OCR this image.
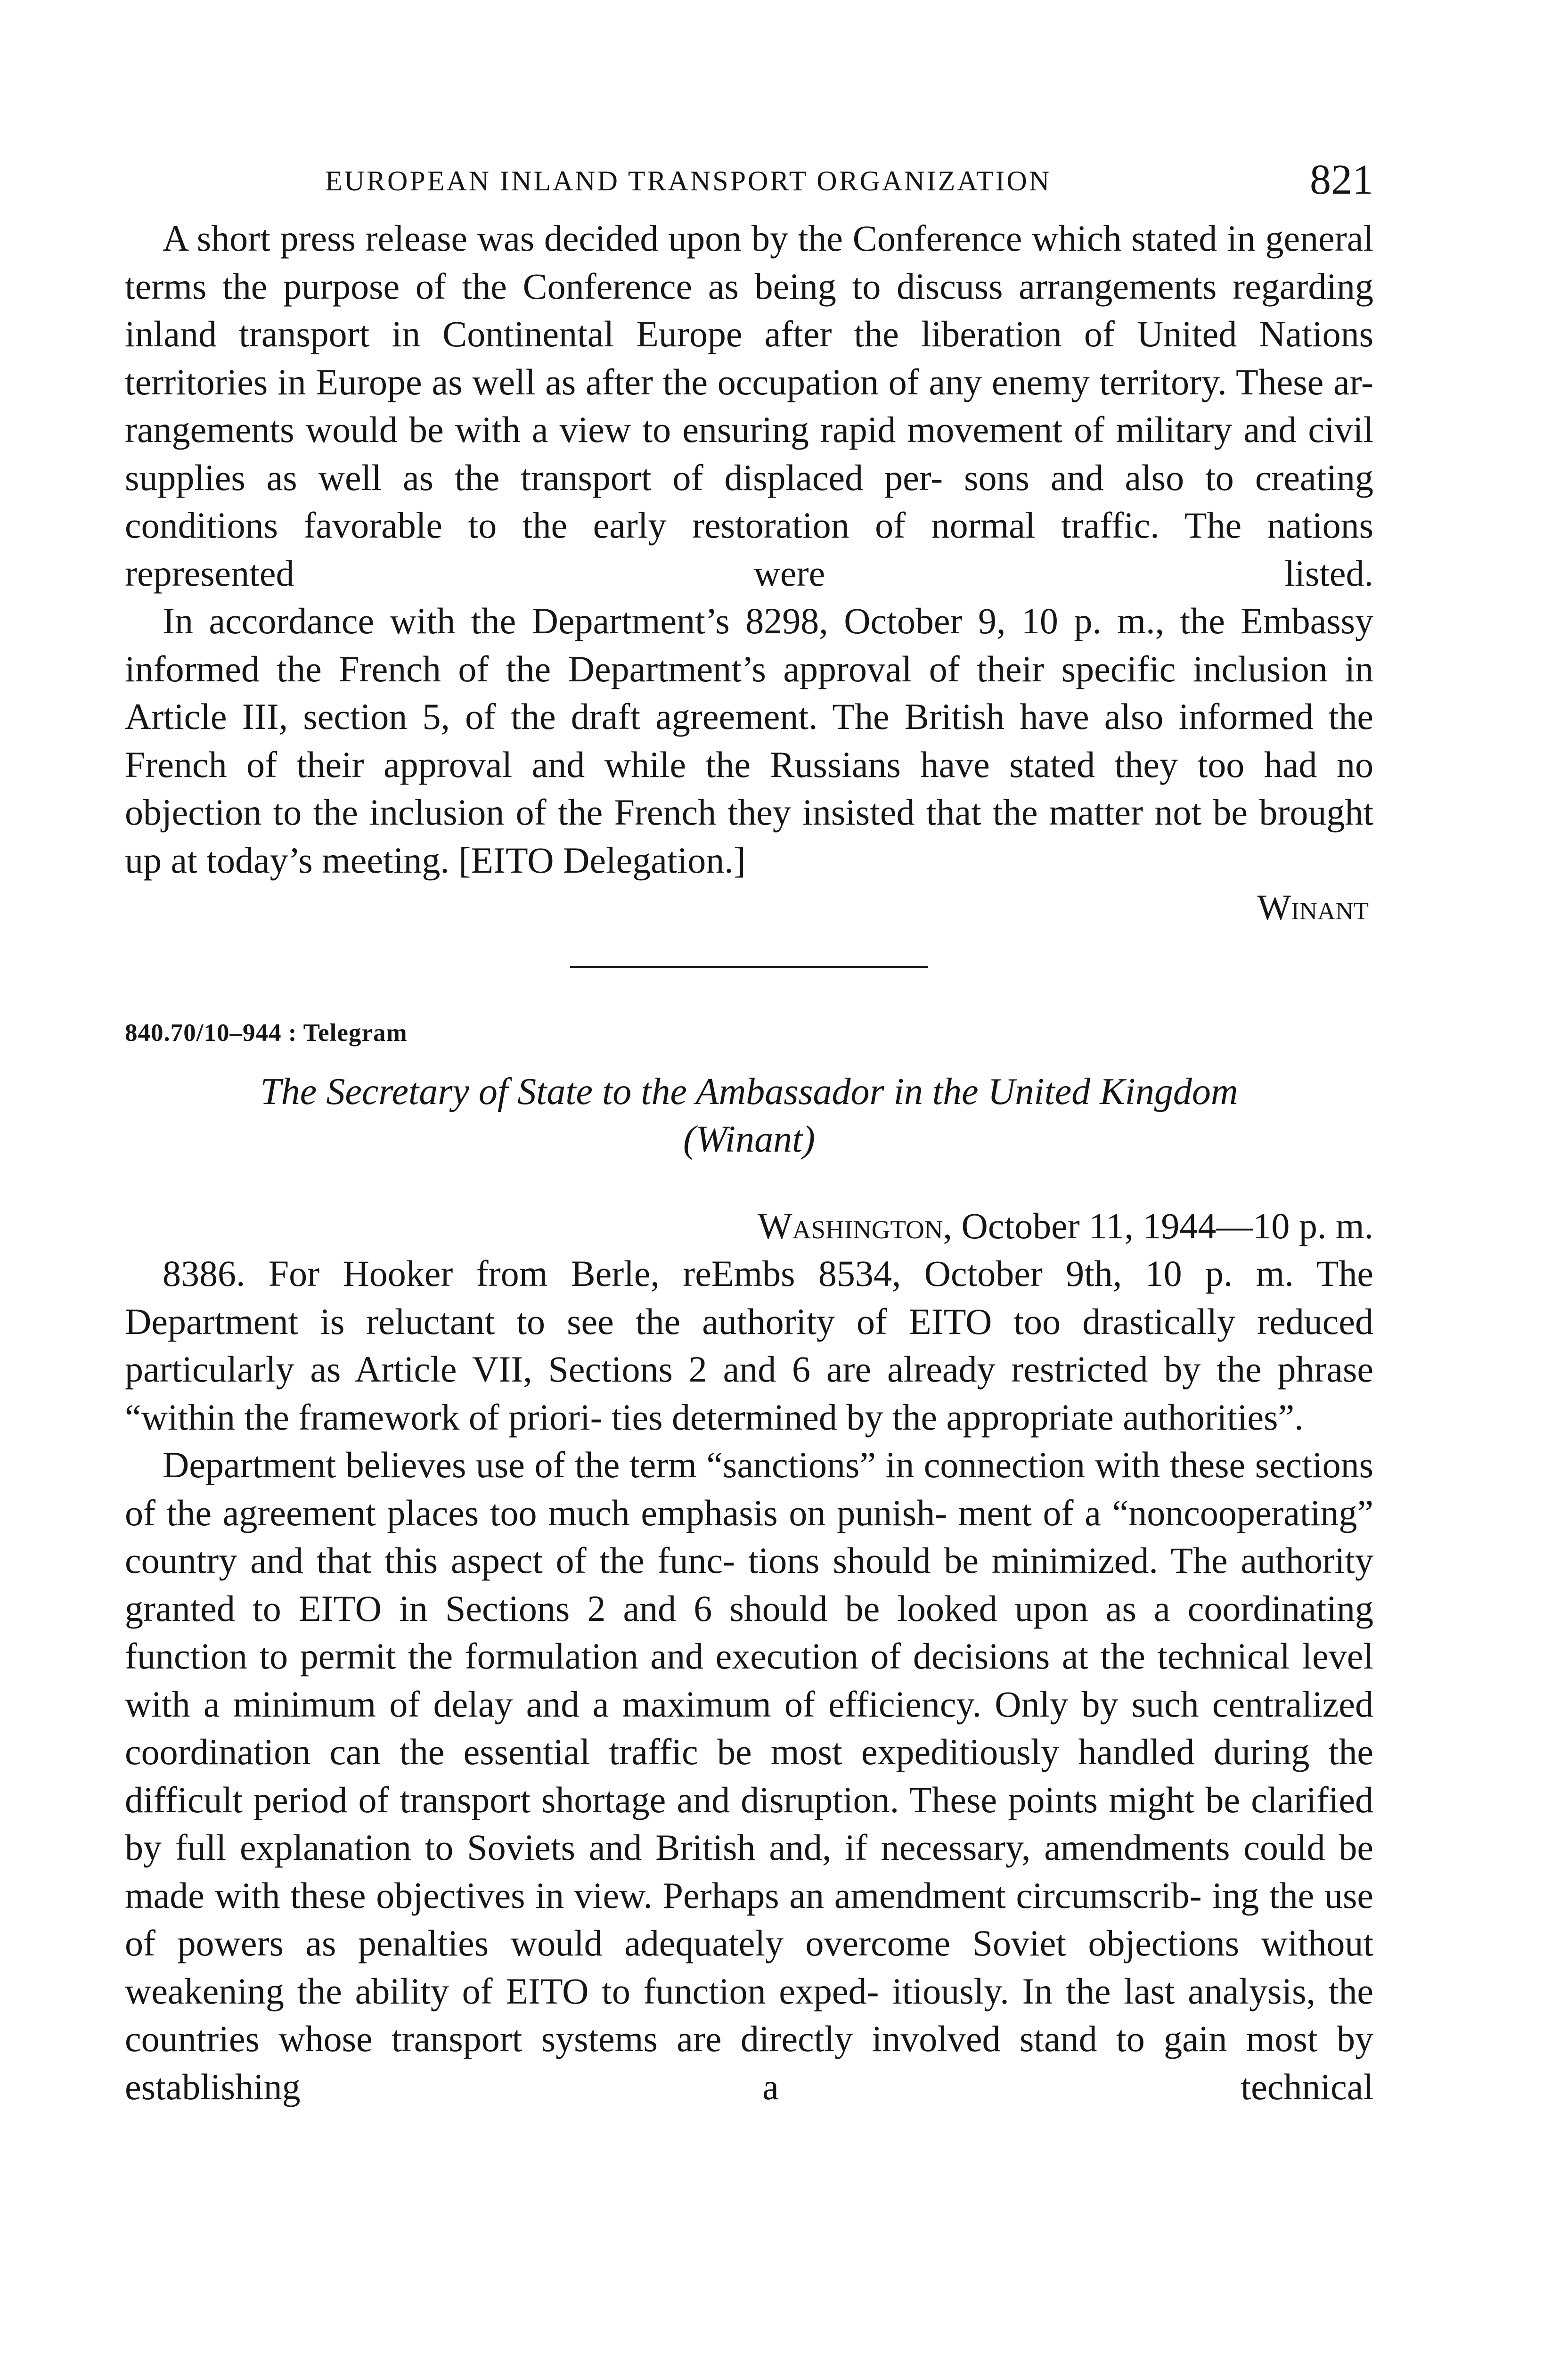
EUROPEAN INLAND TRANSPORT ORGANIZATION	821

A short press release was decided upon by the Conference which stated in general terms the purpose of the Conference as being to discuss arrangements regarding inland transport in Continental Europe after the liberation of United Nations territories in Europe as well as after the occupation of any enemy territory. These ar- rangements would be with a view to ensuring rapid movement of military and civil supplies as well as the transport of displaced per- sons and also to creating conditions favorable to the early restoration of normal traffic. The nations represented were listed.

In accordance with the Department’s 8298, October 9, 10 p. m., the Embassy informed the French of the Department’s approval of their specific inclusion in Article III, section 5, of the draft agreement. The British have also informed the French of their approval and while the Russians have stated they too had no objection to the inclusion of the French they insisted that the matter not be brought up at today’s meeting. [EITO Delegation.]

Winant
840.70/10–944 : Telegram
The Secretary of State to the Ambassador in the United Kingdom
(Winant)
Washington, October 11, 1944—10 p. m.

8386. For Hooker from Berle, reEmbs 8534, October 9th, 10 p. m. The Department is reluctant to see the authority of EITO too drastically reduced particularly as Article VII, Sections 2 and 6 are already restricted by the phrase “within the framework of priori- ties determined by the appropriate authorities”.

Department believes use of the term “sanctions” in connection with these sections of the agreement places too much emphasis on punish- ment of a “noncooperating” country and that this aspect of the func- tions should be minimized. The authority granted to EITO in Sections 2 and 6 should be looked upon as a coordinating function to permit the formulation and execution of decisions at the technical level with a minimum of delay and a maximum of efficiency. Only by such centralized coordination can the essential traffic be most expeditiously handled during the difficult period of transport shortage and disruption. These points might be clarified by full explanation to Soviets and British and, if necessary, amendments could be made with these objectives in view. Perhaps an amendment circumscrib- ing the use of powers as penalties would adequately overcome Soviet objections without weakening the ability of EITO to function exped- itiously. In the last analysis, the countries whose transport systems are directly involved stand to gain most by establishing a technical
